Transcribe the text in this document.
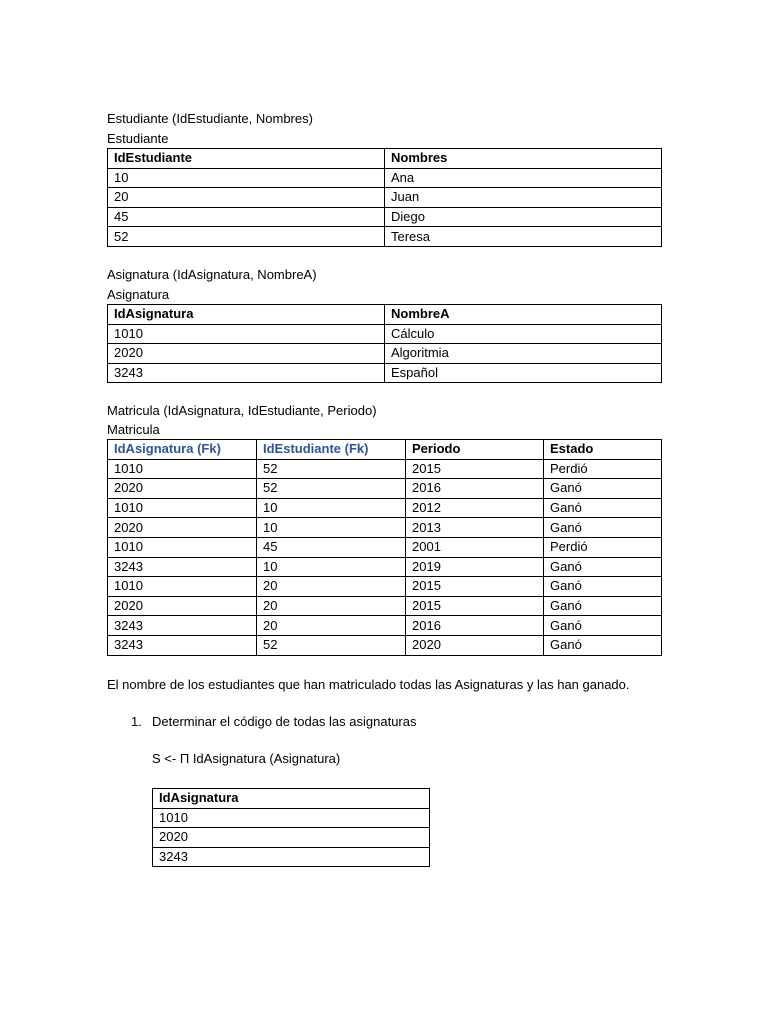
Estudiante (IdEstudiante, Nombres)
Estudiante
IdEstudiante	Nombres
10	Ana
20	Juan
45	Diego
52	Teresa
Asignatura (IdAsignatura, NombreA)
Asignatura
IdAsignatura	NombreA
1010	Cálculo
2020	Algoritmia
3243	Español
Matricula (IdAsignatura, IdEstudiante, Periodo)
Matricula
IdAsignatura (Fk)	IdEstudiante (Fk)	Periodo	Estado
1010	52	2015	Perdió
2020	52	2016	Ganó
1010	10	2012	Ganó
2020	10	2013	Ganó
1010	45	2001	Perdió
3243	10	2019	Ganó
1010	20	2015	Ganó
2020	20	2015	Ganó
3243	20	2016	Ganó
3243	52	2020	Ganó
El nombre de los estudiantes que han matriculado todas las Asignaturas y las han ganado.
1. Determinar el código de todas las asignaturas
S <- Π IdAsignatura (Asignatura)
IdAsignatura
1010
2020
3243
